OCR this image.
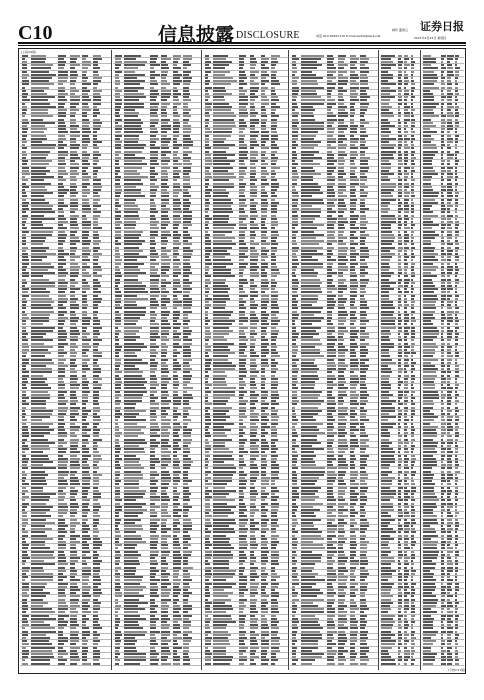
C10	信息披露 DISCLOSURE	制作 董春云
电话:010-83251716 E-mail:zqrb9@zqrb.net
证券日报
2021年2月25日 星期四
(上接C9版)
(下转C11版)
